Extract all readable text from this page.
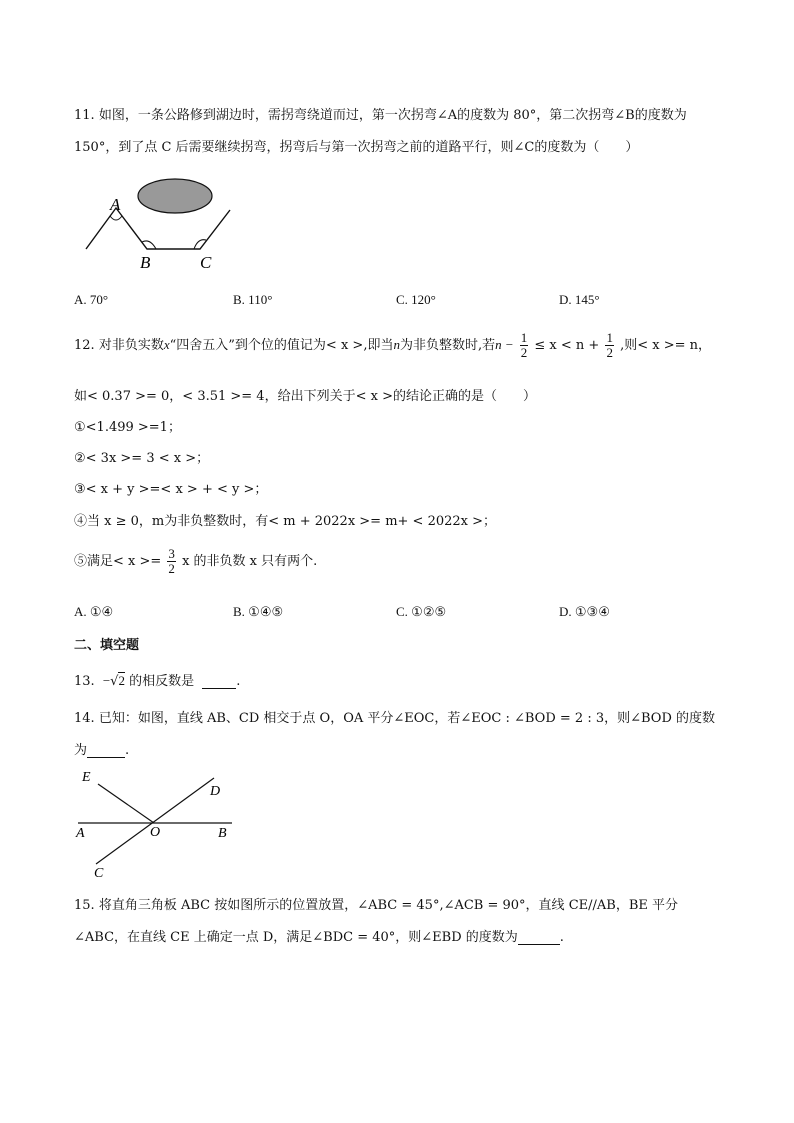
11. 如图，一条公路修到湖边时，需拐弯绕道而过，第一次拐弯∠A的度数为 80°，第二次拐弯∠B的度数为
150°，到了点 C 后需要继续拐弯，拐弯后与第一次拐弯之前的道路平行，则∠C的度数为（　　）
A
B	C
A. 70°	B. 110°	C. 120°	D. 145°
12. 对非负实数x“四舍五入”到个位的值记为< x >,即当n为非负整数时,若$n - \frac{1}{2} \le x < n + \frac{1}{2}$ ,则< x >= n，
如< 0.37 >= 0，< 3.51 >= 4，给出下列关于< x >的结论正确的是（　　）
①<1.499 >=1；
②< 3x >= 3 < x >；
③< x + y >=< x > + < y >；
④当 x ≥ 0，m为非负整数时，有< m + 2022x >= m+ < 2022x >；
⑤满足< $x >= \frac{3}{2}$ x 的非负数 x 只有两个.
A. ①④	B. ①④⑤	C. ①②⑤	D. ①③④
二、填空题
13. −√2 的相反数是	.
14. 已知：如图，直线 AB、CD 相交于点 O，OA 平分∠EOC，若∠EOC : ∠BOD = 2 : 3，则∠BOD 的度数
为	.
E
D
A	O	B
C
15. 将直角三角板 ABC 按如图所示的位置放置，∠ABC = 45°,∠ACB = 90°，直线 CE//AB，BE 平分
∠ABC，在直线 CE 上确定一点 D，满足∠BDC = 40°，则∠EBD 的度数为	.
